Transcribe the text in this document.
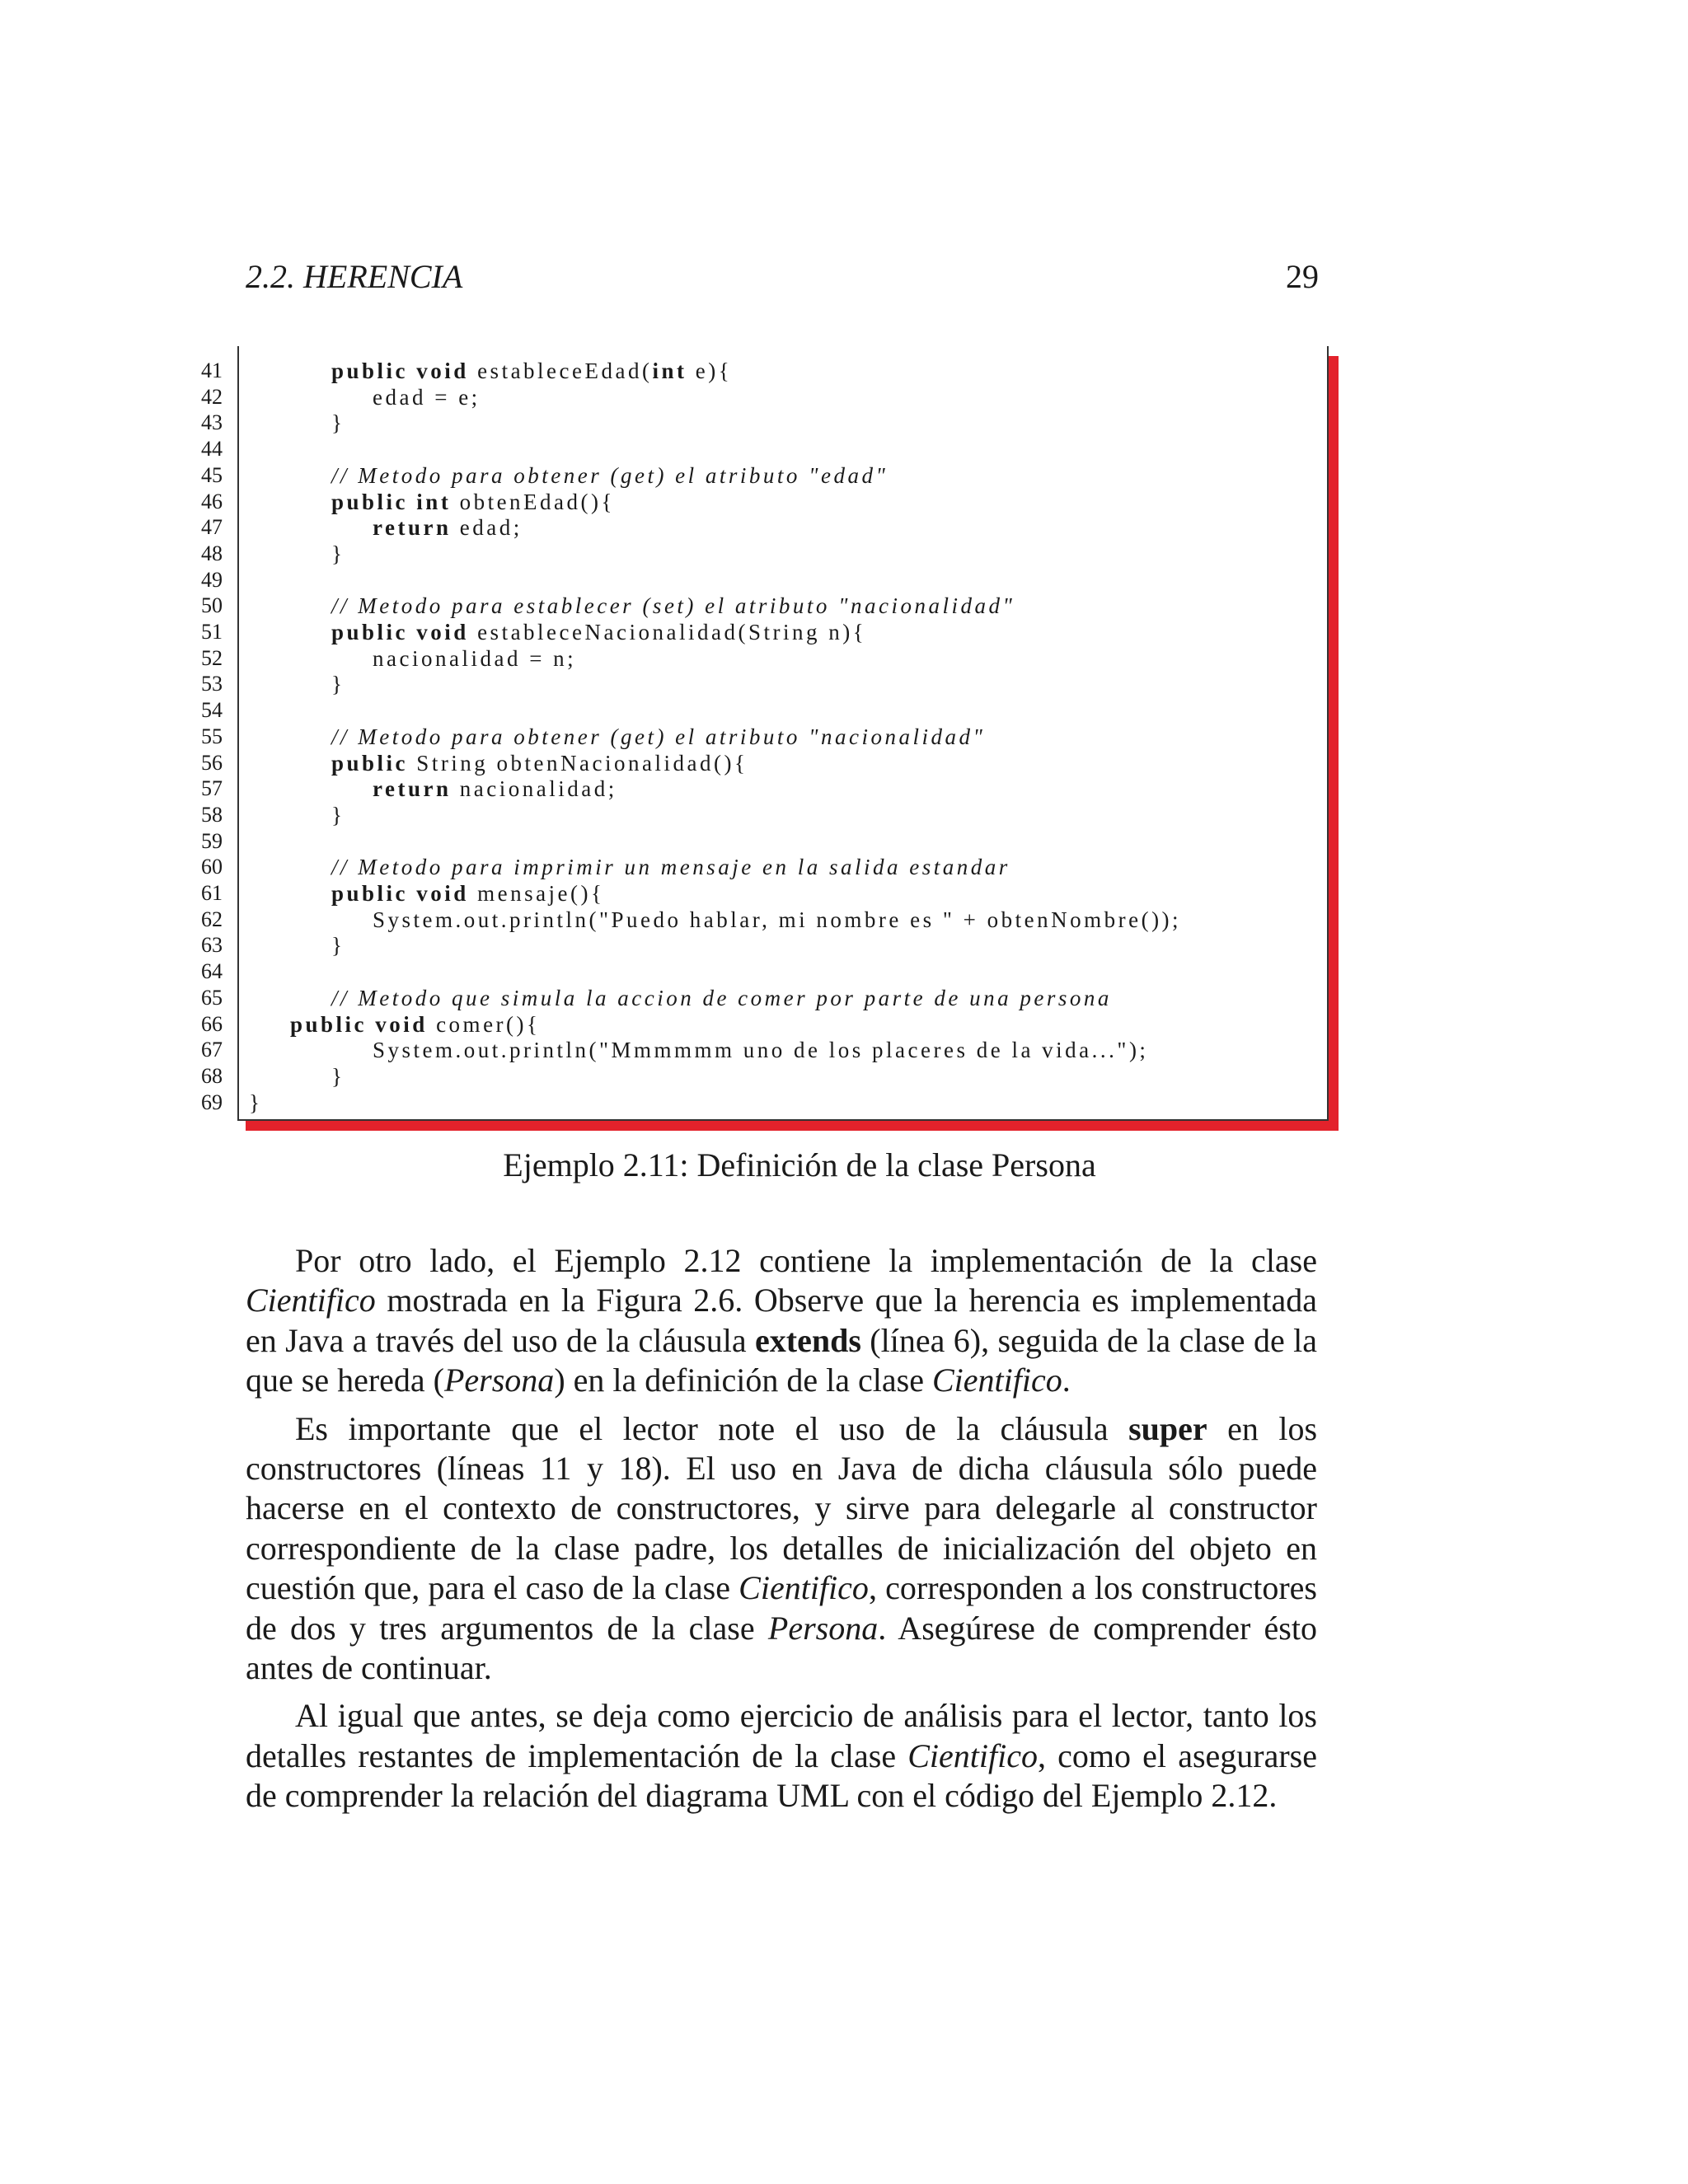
2.2. HERENCIA	29
41	public void estableceEdad(int e){
42	edad = e;
43	}
44
45	// Metodo para obtener (get) el atributo "edad"
46	public int obtenEdad(){
47	return edad;
48	}
49
50	// Metodo para establecer (set) el atributo "nacionalidad"
51	public void estableceNacionalidad(String n){
52	nacionalidad = n;
53	}
54
55	// Metodo para obtener (get) el atributo "nacionalidad"
56	public String obtenNacionalidad(){
57	return nacionalidad;
58	}
59
60	// Metodo para imprimir un mensaje en la salida estandar
61	public void mensaje(){
62	System.out.println("Puedo hablar, mi nombre es " + obtenNombre());
63	}
64
65	// Metodo que simula la accion de comer por parte de una persona
66	public void comer(){
67	System.out.println("Mmmmmm uno de los placeres de la vida...");
68	}
69 }
Ejemplo 2.11: Definición de la clase Persona

Por otro lado, el Ejemplo 2.12 contiene la implementación de la clase Cientifico mostrada en la Figura 2.6. Observe que la herencia es implementada en Java a través del uso de la cláusula extends (línea 6), seguida de la clase de la que se hereda (Persona) en la definición de la clase Cientifico.

Es importante que el lector note el uso de la cláusula super en los constructores (líneas 11 y 18). El uso en Java de dicha cláusula sólo puede hacerse en el contexto de constructores, y sirve para delegarle al constructor correspondiente de la clase padre, los detalles de inicialización del objeto en cuestión que, para el caso de la clase Cientifico, corresponden a los constructores de dos y tres argumentos de la clase Persona. Asegúrese de comprender ésto antes de continuar.

Al igual que antes, se deja como ejercicio de análisis para el lector, tanto los detalles restantes de implementación de la clase Cientifico, como el asegurarse de comprender la relación del diagrama UML con el código del Ejemplo 2.12.
